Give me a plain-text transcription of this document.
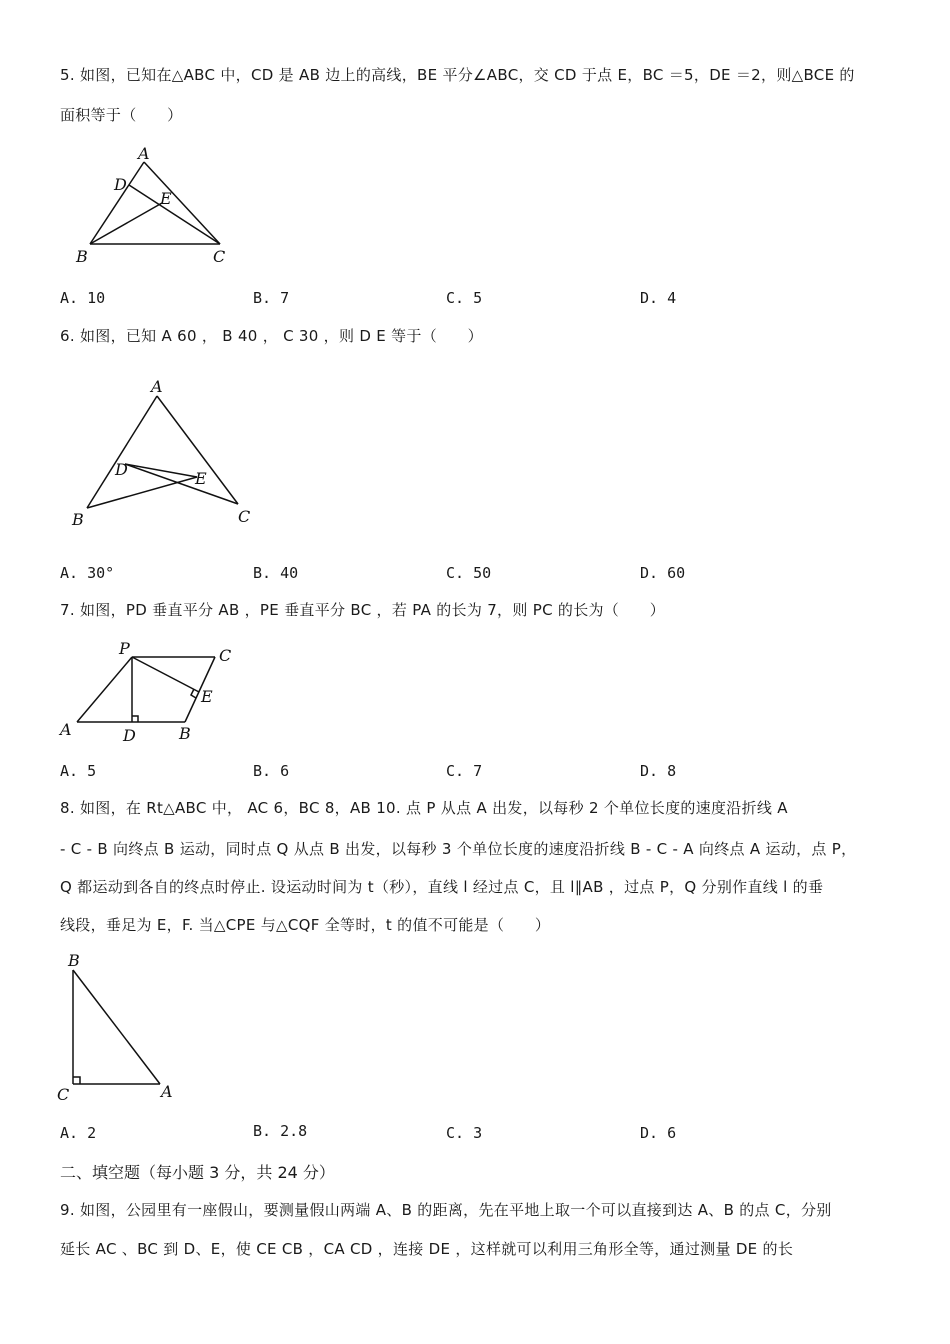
5. 如图，已知在△ABC 中，CD 是 AB 边上的高线，BE 平分∠ABC，交 CD 于点 E，BC ＝5，DE ＝2，则△BCE 的
面积等于（　　）
A
D
E
B	C
A. 10	B. 7	C. 5	D. 4
6. 如图，已知 A 60 ， B 40 ， C 30 ，则 D E 等于（　　）
A
D	E
B	C
A. 30°	B. 40	C. 50	D. 60
7. 如图，PD 垂直平分 AB ，PE 垂直平分 BC ，若 PA 的长为 7，则 PC 的长为（　　）
P	C
E
A	D	B
A. 5	B. 6	C. 7	D. 8
8. 如图，在 Rt△ABC 中， AC 6，BC 8，AB 10. 点 P 从点 A 出发，以每秒 2 个单位长度的速度沿折线 A
- C - B 向终点 B 运动，同时点 Q 从点 B 出发，以每秒 3 个单位长度的速度沿折线 B - C - A 向终点 A 运动，点 P，
Q 都运动到各自的终点时停止. 设运动时间为 t（秒），直线 l 经过点 C，且 l∥AB ，过点 P，Q 分别作直线 l 的垂
线段，垂足为 E，F. 当△CPE 与△CQF 全等时，t 的值不可能是（　　）
B
C	A
A. 2	B. 2.8	C. 3	D. 6
二、填空题（每小题 3 分，共 24 分）
9. 如图，公园里有一座假山，要测量假山两端 A、B 的距离，先在平地上取一个可以直接到达 A、B 的点 C，分别
延长 AC 、BC 到 D、E，使 CE CB ，CA CD ，连接 DE ，这样就可以利用三角形全等，通过测量 DE 的长
